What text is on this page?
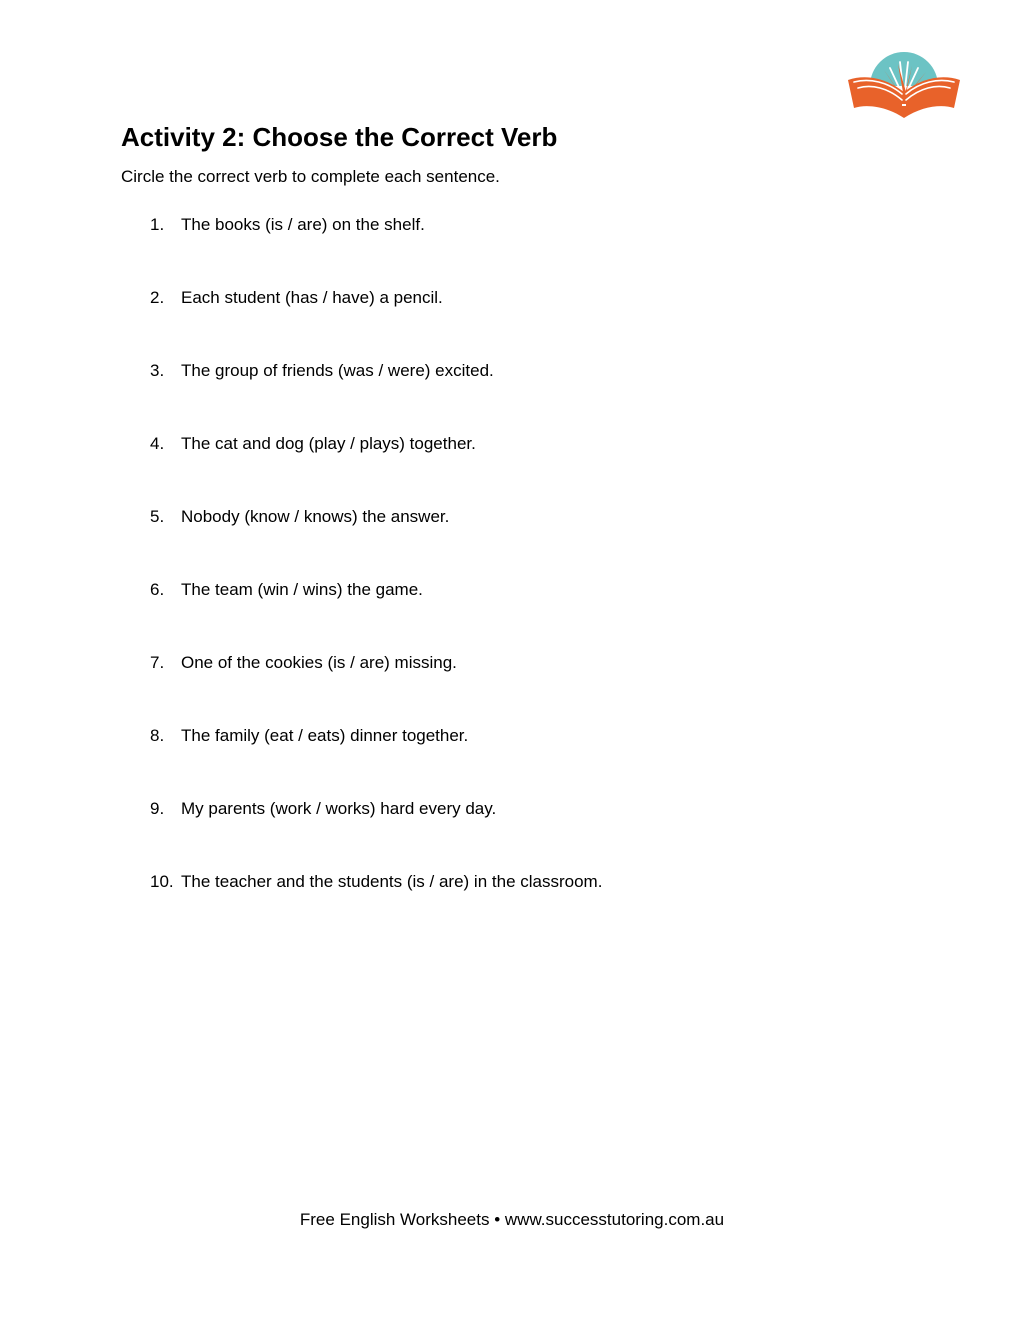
Activity 2: Choose the Correct Verb

Circle the correct verb to complete each sentence.

1. The books (is / are) on the shelf.
2. Each student (has / have) a pencil.
3. The group of friends (was / were) excited.
4. The cat and dog (play / plays) together.
5. Nobody (know / knows) the answer.
6. The team (win / wins) the game.
7. One of the cookies (is / are) missing.
8. The family (eat / eats) dinner together.
9. My parents (work / works) hard every day.
10. The teacher and the students (is / are) in the classroom.

Free English Worksheets • www.successtutoring.com.au
